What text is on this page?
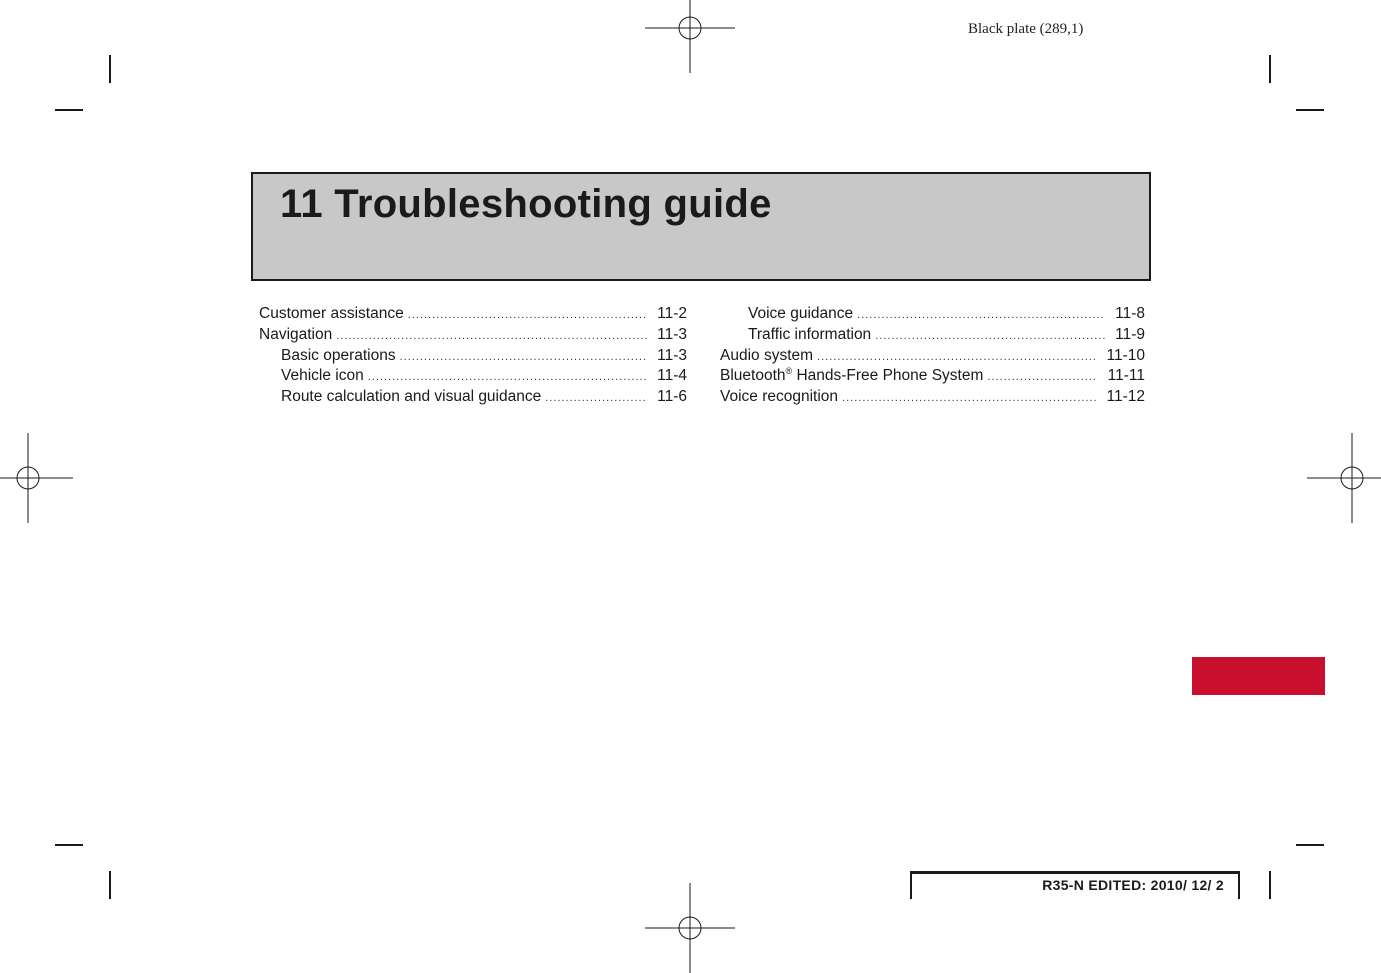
Black plate (289,1)
11 Troubleshooting guide
Customer assistance .....	11-2
Navigation .....	11-3
Basic operations .....	11-3
Vehicle icon .....	11-4
Route calculation and visual guidance .....	11-6
Voice guidance .....	11-8
Traffic information .....	11-9
Audio system .....	11-10
Bluetooth® Hands-Free Phone System .....	11-11
Voice recognition .....	11-12
R35-N EDITED: 2010/ 12/ 2
